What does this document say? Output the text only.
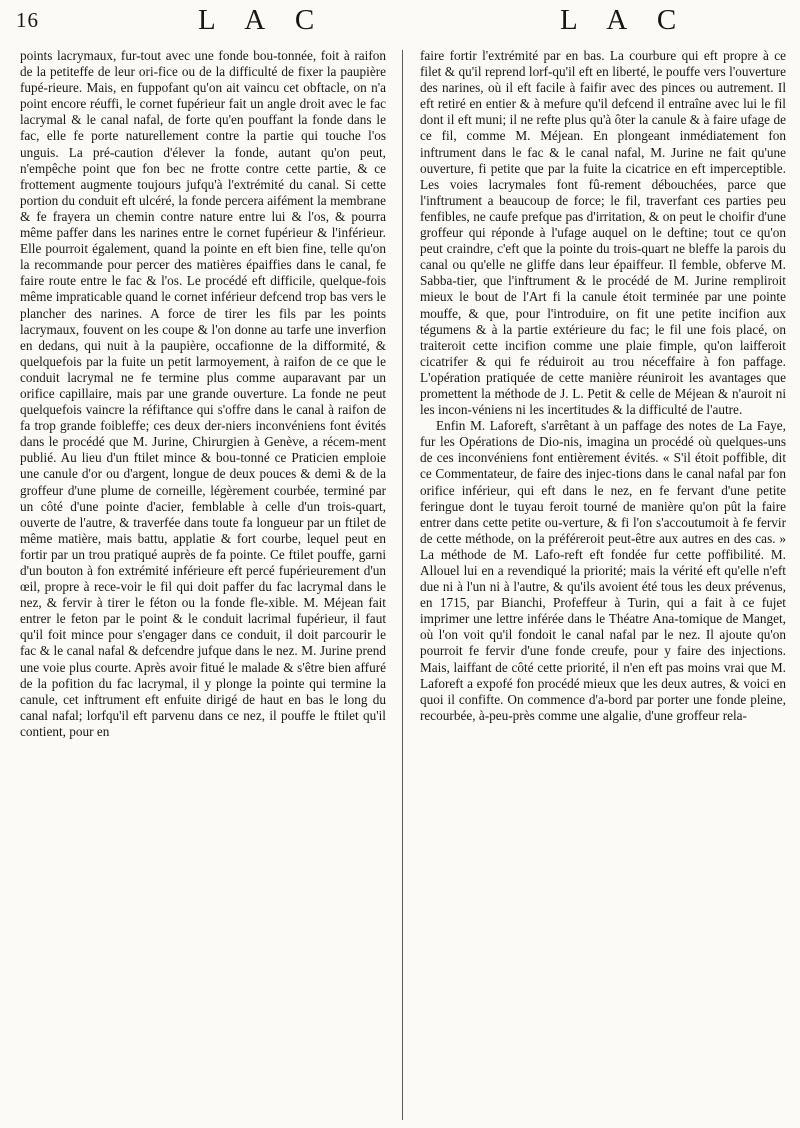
16	L A C	L A C

points lacrymaux, fur-tout avec une fonde bou-tonnée, foit à raifon de la petiteffe de leur ori-fice ou de la difficulté de fixer la paupière fupé-rieure. Mais, en fuppofant qu'on ait vaincu cet obftacle, on n'a point encore réuffi, le cornet fupérieur fait un angle droit avec le fac lacrymal & le canal nafal, de forte qu'en pouffant la fonde dans le fac, elle fe porte naturellement contre la partie qui touche l'os unguis. La pré-caution d'élever la fonde, autant qu'on peut, n'empêche point que fon bec ne frotte contre cette partie, & ce frottement augmente toujours jufqu'à l'extrémité du canal. Si cette portion du conduit eft ulcéré, la fonde percera aifément la membrane & fe frayera un chemin contre nature entre lui & l'os, & pourra même paffer dans les narines entre le cornet fupérieur & l'inférieur. Elle pourroit également, quand la pointe en eft bien fine, telle qu'on la recommande pour percer des matières épaiffies dans le canal, fe faire route entre le fac & l'os. Le procédé eft difficile, quelque-fois même impraticable quand le cornet inférieur defcend trop bas vers le plancher des narines. A force de tirer les fils par les points lacrymaux, fouvent on les coupe & l'on donne au tarfe une inverfion en dedans, qui nuit à la paupière, occafionne de la difformité, & quelquefois par la fuite un petit larmoyement, à raifon de ce que le conduit lacrymal ne fe termine plus comme auparavant par un orifice capillaire, mais par une grande ouverture. La fonde ne peut quelquefois vaincre la réfiftance qui s'offre dans le canal à raifon de fa trop grande foibleffe; ces deux der-niers inconvéniens font évités dans le procédé que M. Jurine, Chirurgien à Genève, a récem-ment publié. Au lieu d'un ftilet mince & bou-tonné ce Praticien emploie une canule d'or ou d'argent, longue de deux pouces & demi & de la groffeur d'une plume de corneille, légèrement courbée, terminé par un côté d'une pointe d'acier, femblable à celle d'un trois-quart, ouverte de l'autre, & traverfée dans toute fa longueur par un ftilet de même matière, mais battu, applatie & fort courbe, lequel peut en fortir par un trou pratiqué auprès de fa pointe. Ce ftilet pouffe, garni d'un bouton à fon extrémité inférieure eft percé fupérieurement d'un œil, propre à rece-voir le fil qui doit paffer du fac lacrymal dans le nez, & fervir à tirer le féton ou la fonde fle-xible. M. Méjean fait entrer le feton par le point & le conduit lacrimal fupérieur, il faut qu'il foit mince pour s'engager dans ce conduit, il doit parcourir le fac & le canal nafal & defcendre jufque dans le nez. M. Jurine prend une voie plus courte. Après avoir fitué le malade & s'être bien affuré de la pofition du fac lacrymal, il y plonge la pointe qui termine la canule, cet inftrument eft enfuite dirigé de haut en bas le long du canal nafal; lorfqu'il eft parvenu dans ce nez, il pouffe le ftilet qu'il contient, pour en

faire fortir l'extrémité par en bas. La courbure qui eft propre à ce filet & qu'il reprend lorf-qu'il eft en liberté, le pouffe vers l'ouverture des narines, où il eft facile à faifir avec des pinces ou autrement. Il eft retiré en entier & à mefure qu'il defcend il entraîne avec lui le fil dont il eft muni; il ne refte plus qu'à ôter la canule & à faire ufage de ce fil, comme M. Méjean. En plongeant inmédiatement fon inftrument dans le fac & le canal nafal, M. Jurine ne fait qu'une ouverture, fi petite que par la fuite la cicatrice en eft imperceptible. Les voies lacrymales font fû-rement débouchées, parce que l'inftrument a beaucoup de force; le fil, traverfant ces parties peu fenfibles, ne caufe prefque pas d'irritation, & on peut le choifir d'une groffeur qui réponde à l'ufage auquel on le deftine; tout ce qu'on peut craindre, c'eft que la pointe du trois-quart ne bleffe la parois du canal ou qu'elle ne gliffe dans leur épaiffeur. Il femble, obferve M. Sabba-tier, que l'inftrument & le procédé de M. Jurine rempliroit mieux le bout de l'Art fi la canule étoit terminée par une pointe mouffe, & que, pour l'introduire, on fit une petite incifion aux tégumens & à la partie extérieure du fac; le fil une fois placé, on traiteroit cette incifion comme une plaie fimple, qu'on laifferoit cicatrifer & qui fe réduiroit au trou néceffaire à fon paffage. L'opération pratiquée de cette manière réuniroit les avantages que promettent la méthode de J. L. Petit & celle de Méjean & n'auroit ni les incon-véniens ni les incertitudes & la difficulté de l'autre.

Enfin M. Laforeft, s'arrêtant à un paffage des notes de La Faye, fur les Opérations de Dio-nis, imagina un procédé où quelques-uns de ces inconvéniens font entièrement évités. « S'il étoit poffible, dit ce Commentateur, de faire des injec-tions dans le canal nafal par fon orifice inférieur, qui eft dans le nez, en fe fervant d'une petite feringue dont le tuyau feroit tourné de manière qu'on pût la faire entrer dans cette petite ou-verture, & fi l'on s'accoutumoit à fe fervir de cette méthode, on la préféreroit peut-être aux autres en des cas. » La méthode de M. Lafo-reft eft fondée fur cette poffibilité. M. Allouel lui en a revendiqué la priorité; mais la vérité eft qu'elle n'eft due ni à l'un ni à l'autre, & qu'ils avoient été tous les deux prévenus, en 1715, par Bianchi, Profeffeur à Turin, qui a fait à ce fujet imprimer une lettre inférée dans le Théatre Ana-tomique de Manget, où l'on voit qu'il fondoit le canal nafal par le nez. Il ajoute qu'on pourroit fe fervir d'une fonde creufe, pour y faire des injections. Mais, laiffant de côté cette priorité, il n'en eft pas moins vrai que M. Laforeft a expofé fon procédé mieux que les deux autres, & voici en quoi il confifte. On commence d'a-bord par porter une fonde pleine, recourbée, à-peu-près comme une algalie, d'une groffeur rela-
